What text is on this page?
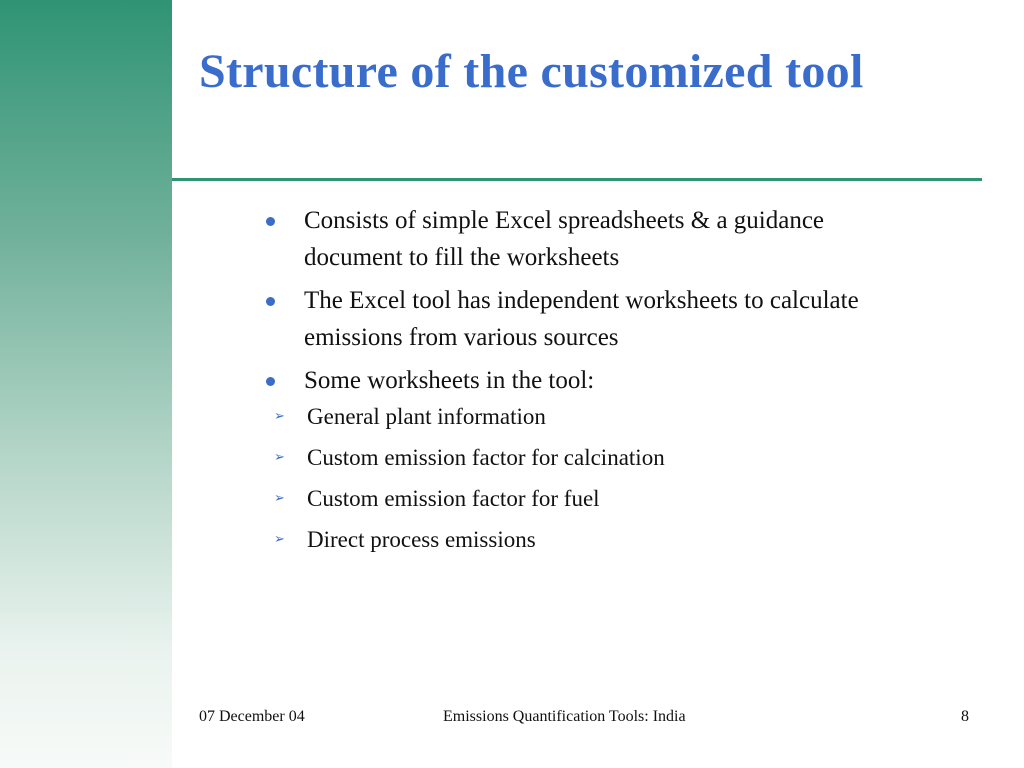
Structure of the customized tool
Consists of simple Excel spreadsheets & a guidance document to fill the worksheets
The Excel tool has independent worksheets to calculate emissions from various sources
Some worksheets in the tool:
➢ General plant information
➢ Custom emission factor for calcination
➢ Custom emission factor for fuel
➢ Direct process emissions
07 December 04	Emissions Quantification Tools: India	8
